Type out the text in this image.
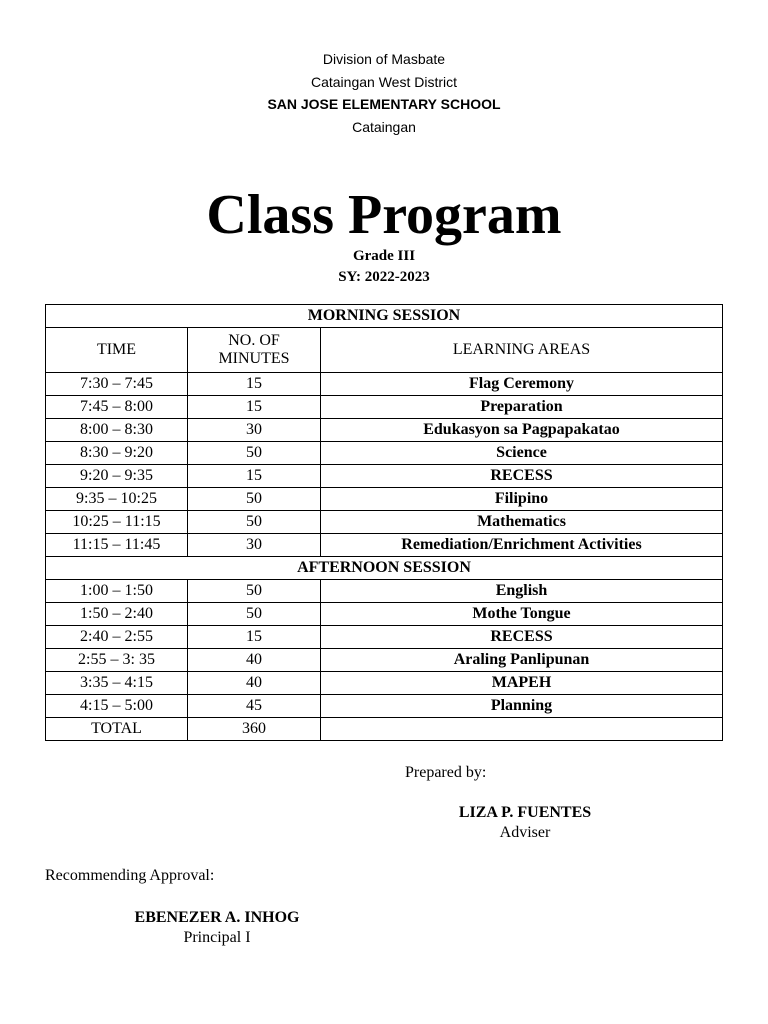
Division of Masbate
Cataingan West District
SAN JOSE ELEMENTARY SCHOOL
Cataingan
Class Program
Grade III
SY: 2022-2023
MORNING SESSION		
TIME	NO. OF MINUTES	LEARNING AREAS
7:30 – 7:45	15	Flag Ceremony
7:45 – 8:00	15	Preparation
8:00 – 8:30	30	Edukasyon sa Pagpapakatao
8:30 – 9:20	50	Science
9:20 – 9:35	15	RECESS
9:35 – 10:25	50	Filipino
10:25 – 11:15	50	Mathematics
11:15 – 11:45	30	Remediation/Enrichment Activities
AFTERNOON SESSION		
1:00 – 1:50	50	English
1:50 – 2:40	50	Mothe Tongue
2:40 – 2:55	15	RECESS
2:55 – 3: 35	40	Araling Panlipunan
3:35 – 4:15	40	MAPEH
4:15 – 5:00	45	Planning
TOTAL	360	
Prepared by:
LIZA P. FUENTES
Adviser
Recommending Approval:
EBENEZER A. INHOG
Principal I
